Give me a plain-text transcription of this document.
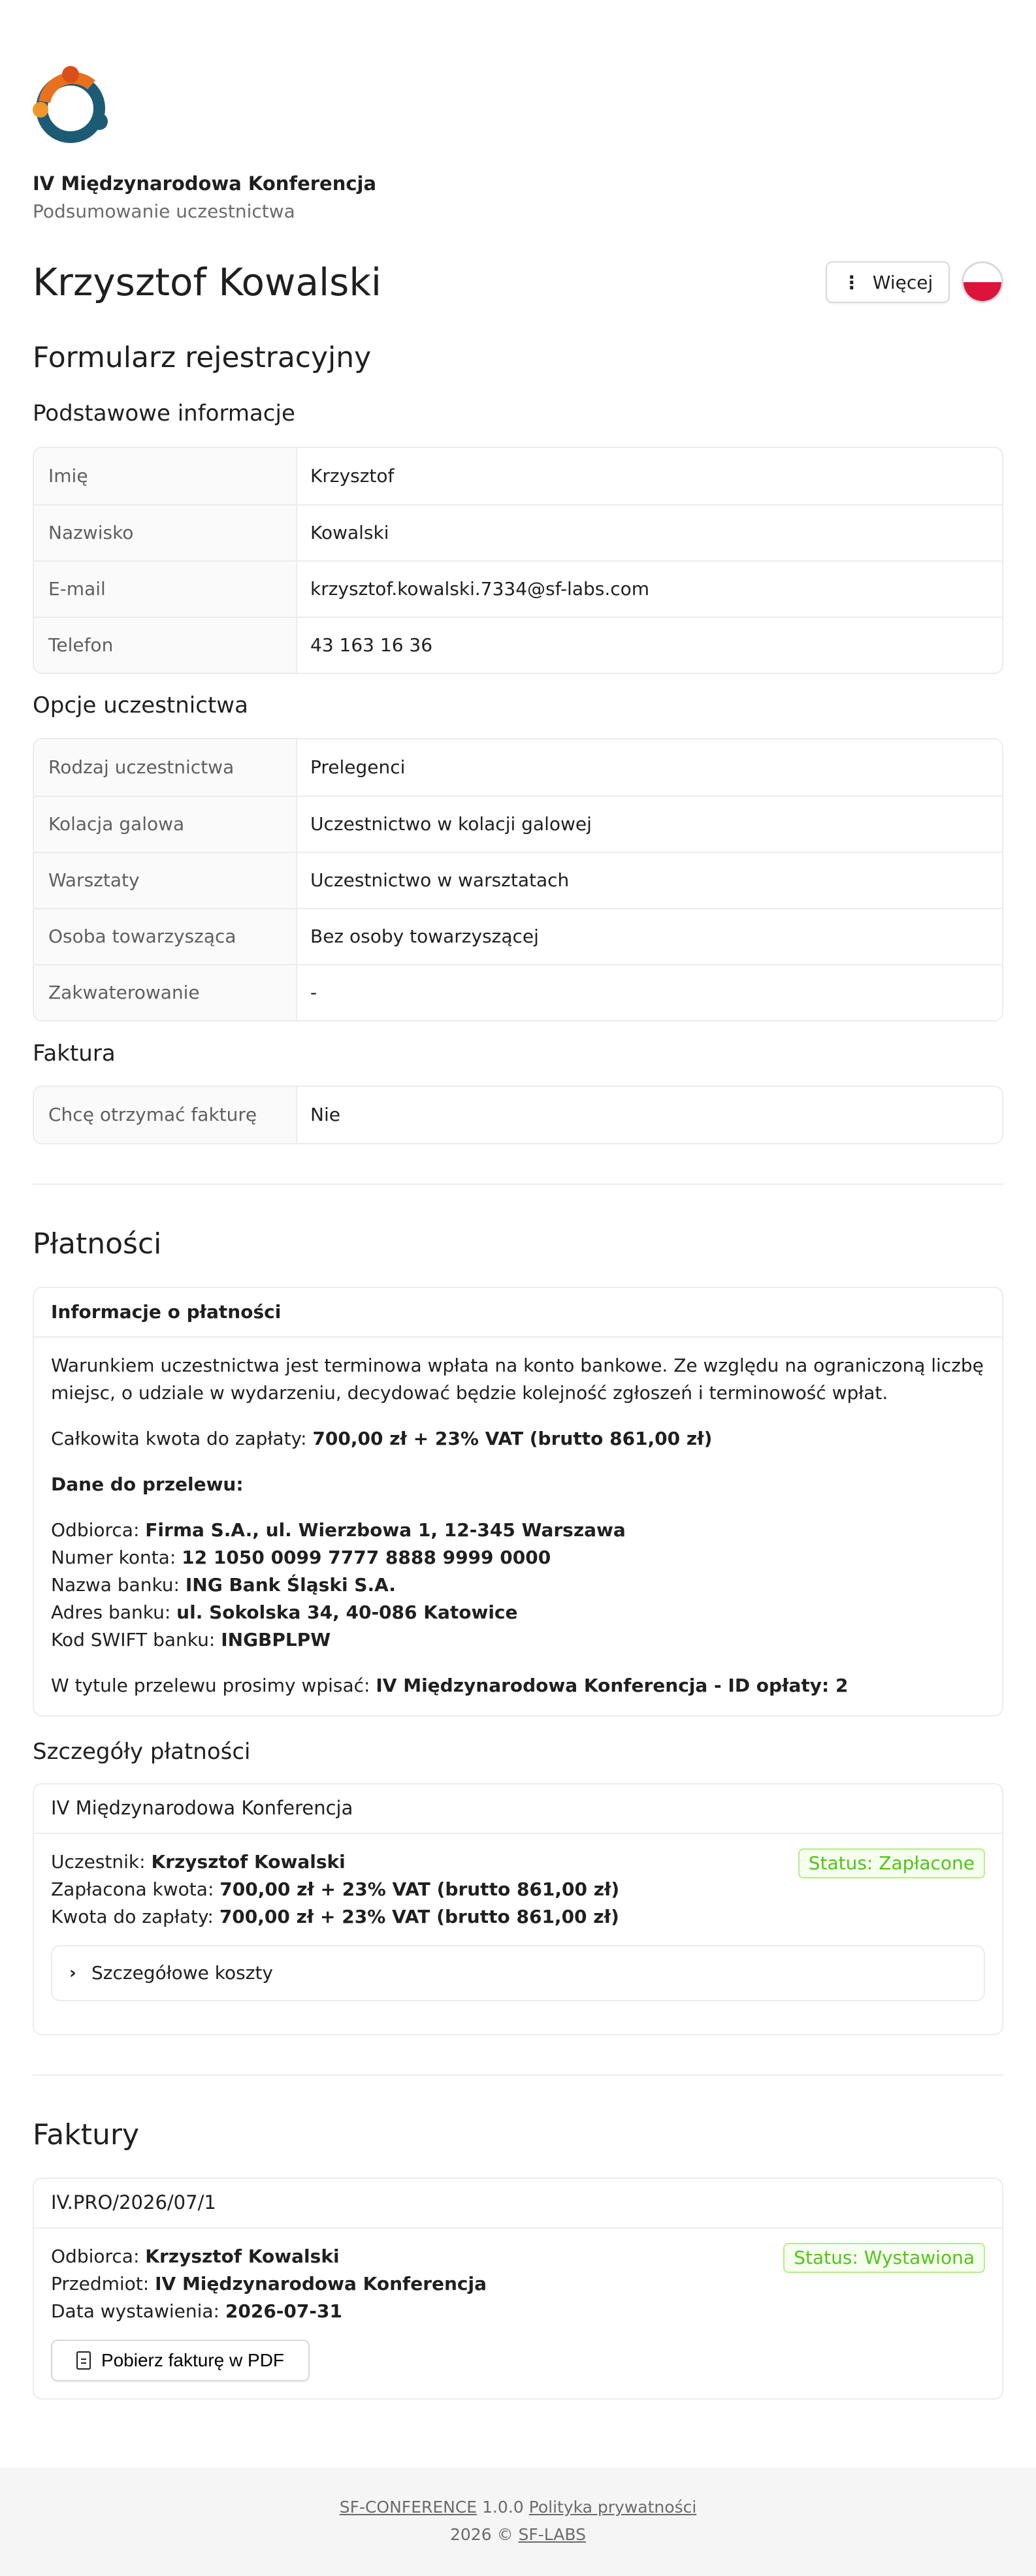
IV Międzynarodowa Konferencja
Podsumowanie uczestnictwa
Krzysztof Kowalski	⋮ Więcej
Formularz rejestracyjny
Podstawowe informacje
Imię	Krzysztof
Nazwisko	Kowalski
E-mail	krzysztof.kowalski.7334@sf-labs.com
Telefon	43 163 16 36
Opcje uczestnictwa
Rodzaj uczestnictwa	Prelegenci
Kolacja galowa	Uczestnictwo w kolacji galowej
Warsztaty	Uczestnictwo w warsztatach
Osoba towarzysząca	Bez osoby towarzyszącej
Zakwaterowanie	-
Faktura
Chcę otrzymać fakturę	Nie
Płatności
Informacje o płatności

Warunkiem uczestnictwa jest terminowa wpłata na konto bankowe. Ze względu na ograniczoną liczbę miejsc, o udziale w wydarzeniu, decydować będzie kolejność zgłoszeń i terminowość wpłat.

Całkowita kwota do zapłaty: 700,00 zł + 23% VAT (brutto 861,00 zł)

Dane do przelewu:

Odbiorca: Firma S.A., ul. Wierzbowa 1, 12-345 Warszawa
Numer konta: 12 1050 0099 7777 8888 9999 0000
Nazwa banku: ING Bank Śląski S.A.
Adres banku: ul. Sokolska 34, 40-086 Katowice
Kod SWIFT banku: INGBPLPW

W tytule przelewu prosimy wpisać: IV Międzynarodowa Konferencja - ID opłaty: 2

Szczegóły płatności
IV Międzynarodowa Konferencja
Uczestnik: Krzysztof Kowalski
Zapłacona kwota: 700,00 zł + 23% VAT (brutto 861,00 zł)
Kwota do zapłaty: 700,00 zł + 23% VAT (brutto 861,00 zł)
Status: Zapłacone
› Szczegółowe koszty
Faktury
IV.PRO/2026/07/1
Odbiorca: Krzysztof Kowalski
Przedmiot: IV Międzynarodowa Konferencja
Data wystawienia: 2026-07-31
Status: Wystawiona
Pobierz fakturę w PDF
SF-CONFERENCE 1.0.0 Polityka prywatności
2026 © SF-LABS
